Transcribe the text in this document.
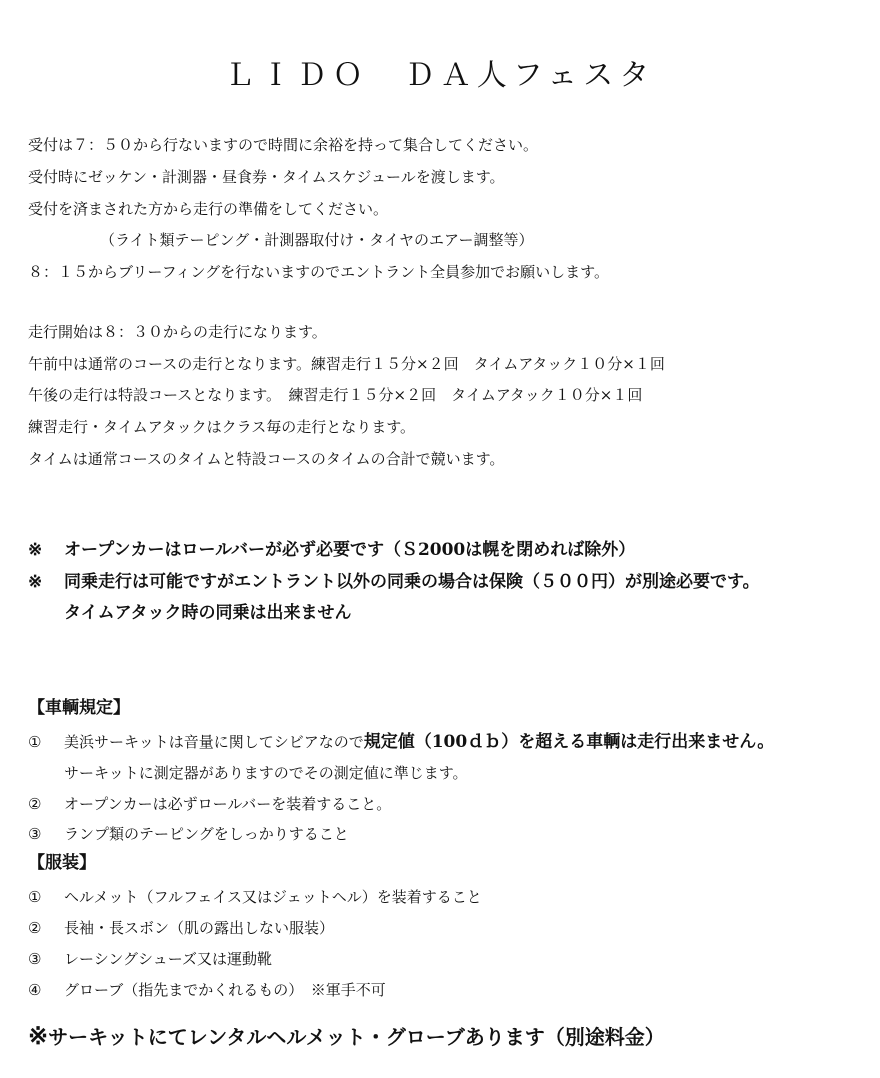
ＬＩＤＯ　ＤＡ人フェスタ
受付は７：５０から行ないますので時間に余裕を持って集合してください。
受付時にゼッケン・計測器・昼食券・タイムスケジュールを渡します。
受付を済まされた方から走行の準備をしてください。
（ライト類テーピング・計測器取付け・タイヤのエアー調整等）
８：１５からブリーフィングを行ないますのでエントラント全員参加でお願いします。
走行開始は８：３０からの走行になります。
午前中は通常のコースの走行となります。練習走行１５分×２回　タイムアタック１０分×１回
午後の走行は特設コースとなります。　練習走行１５分×２回　タイムアタック１０分×１回
練習走行・タイムアタックはクラス毎の走行となります。
タイムは通常コースのタイムと特設コースのタイムの合計で競います。
※ オープンカーはロールバーが必ず必要です（Ｓ2000は幌を閉めれば除外）
※ 同乗走行は可能ですがエントラント以外の同乗の場合は保険（５００円）が別途必要です。
タイムアタック時の同乗は出来ません
【車輌規定】
① 美浜サーキットは音量に関してシビアなので規定値（100ｄｂ）を超える車輌は走行出来ません。
サーキットに測定器がありますのでその測定値に準じます。
② オープンカーは必ずロールバーを装着すること。
③ ランプ類のテーピングをしっかりすること
【服装】
① ヘルメット（フルフェイス又はジェットヘル）を装着すること
② 長袖・長スボン（肌の露出しない服装）
③ レーシングシューズ又は運動靴
④ グローブ（指先までかくれるもの）　※軍手不可
※サーキットにてレンタルヘルメット・グローブあります（別途料金）
